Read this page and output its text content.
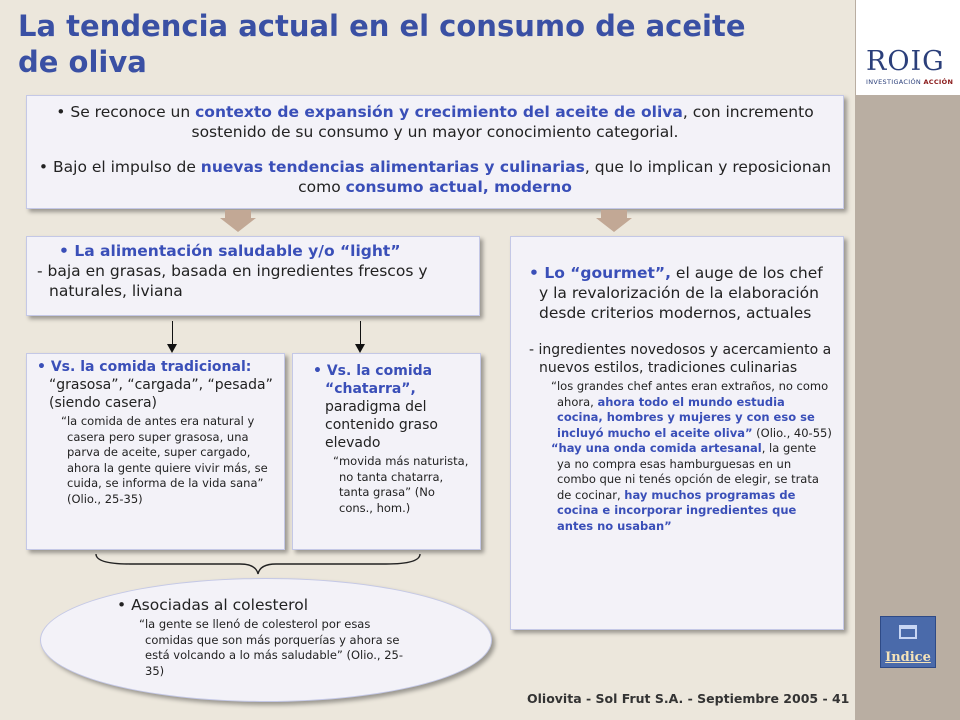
ROIG
INVESTIGACIÓN ACCIÓN
La tendencia actual en el consumo de aceite de oliva

• Se reconoce un contexto de expansión y crecimiento del aceite de oliva, con incremento sostenido de su consumo y un mayor conocimiento categorial.

• Bajo el impulso de nuevas tendencias alimentarias y culinarias, que lo implican y reposicionan como consumo actual, moderno

• La alimentación saludable y/o “light”
- baja en grasas, basada en ingredientes frescos y naturales, liviana
• Vs. la comida tradicional: “grasosa”, “cargada”, “pesada” (siendo casera)
“la comida de antes era natural y casera pero super grasosa, una parva de aceite, super cargado, ahora la gente quiere vivir más, se cuida, se informa de la vida sana”
(Olio., 25-35)
• Vs. la comida “chatarra”, paradigma del contenido graso elevado
“movida más naturista, no tanta chatarra, tanta grasa” (No cons., hom.)
• Lo “gourmet”, el auge de los chef y la revalorización de la elaboración desde criterios modernos, actuales
- ingredientes novedosos y acercamiento a nuevos estilos, tradiciones culinarias
“los grandes chef antes eran extraños, no como ahora, ahora todo el mundo estudia cocina, hombres y mujeres y con eso se incluyó mucho el aceite oliva” (Olio., 40-55)
“hay una onda comida artesanal, la gente ya no compra esas hamburguesas en un combo que ni tenés opción de elegir, se trata de cocinar, hay muchos programas de cocina e incorporar ingredientes que antes no usaban”
• Asociadas al colesterol
“la gente se llenó de colesterol por esas comidas que son más porquerías y ahora se está volcando a lo más saludable” (Olio., 25-35)
Indice
Oliovita - Sol Frut S.A. - Septiembre 2005 - 41
